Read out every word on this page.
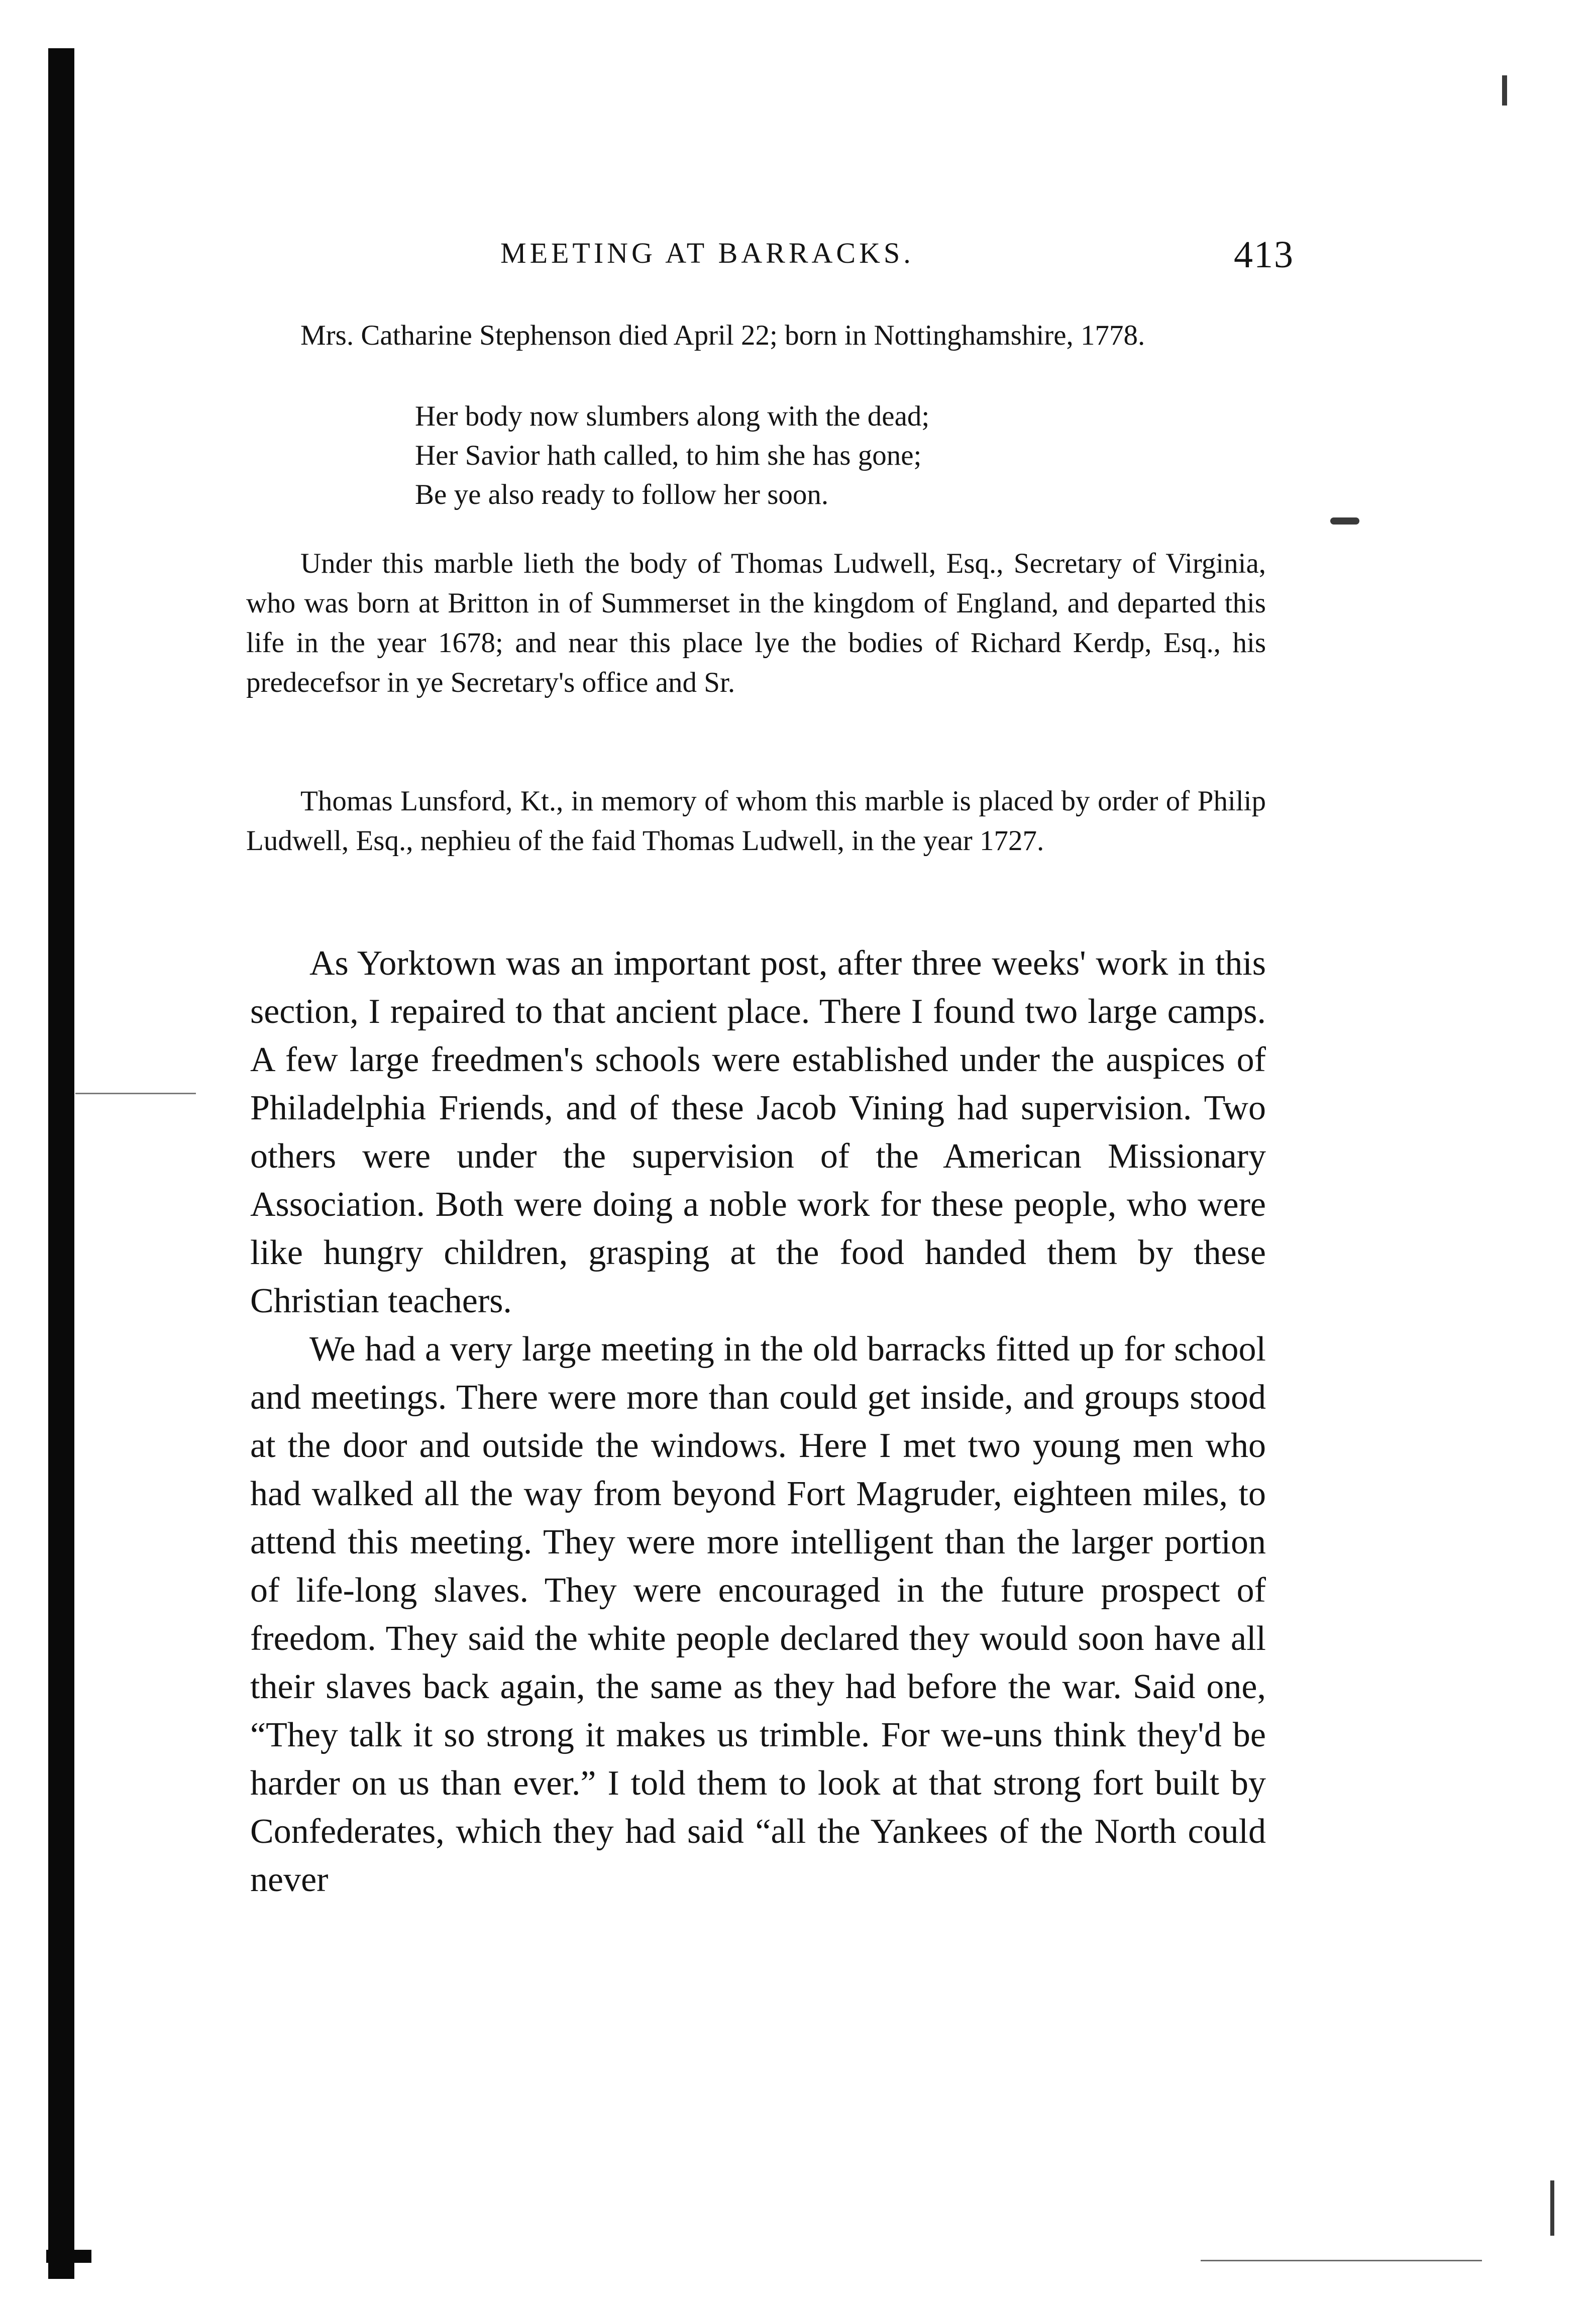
MEETING AT BARRACKS.	413

Mrs. Catharine Stephenson died April 22; born in Nottinghamshire, 1778.

Her body now slumbers along with the dead;
Her Savior hath called, to him she has gone;
Be ye also ready to follow her soon.

Under this marble lieth the body of Thomas Ludwell, Esq., Secretary of Virginia, who was born at Britton in of Summerset in the kingdom of England, and departed this life in the year 1678; and near this place lye the bodies of Richard Kerdp, Esq., his predecefsor in ye Secretary's office and Sr.

Thomas Lunsford, Kt., in memory of whom this marble is placed by order of Philip Ludwell, Esq., nephieu of the faid Thomas Ludwell, in the year 1727.

As Yorktown was an important post, after three weeks' work in this section, I repaired to that ancient place. There I found two large camps. A few large freedmen's schools were established under the auspices of Philadelphia Friends, and of these Jacob Vining had supervision. Two others were under the supervision of the American Missionary Association. Both were doing a noble work for these people, who were like hungry children, grasping at the food handed them by these Christian teachers.

We had a very large meeting in the old barracks fitted up for school and meetings. There were more than could get inside, and groups stood at the door and outside the windows. Here I met two young men who had walked all the way from beyond Fort Magruder, eighteen miles, to attend this meeting. They were more intelligent than the larger portion of life-long slaves. They were encouraged in the future prospect of freedom. They said the white people declared they would soon have all their slaves back again, the same as they had before the war. Said one, “They talk it so strong it makes us trimble. For we-uns think they'd be harder on us than ever.” I told them to look at that strong fort built by Confederates, which they had said “all the Yankees of the North could never
